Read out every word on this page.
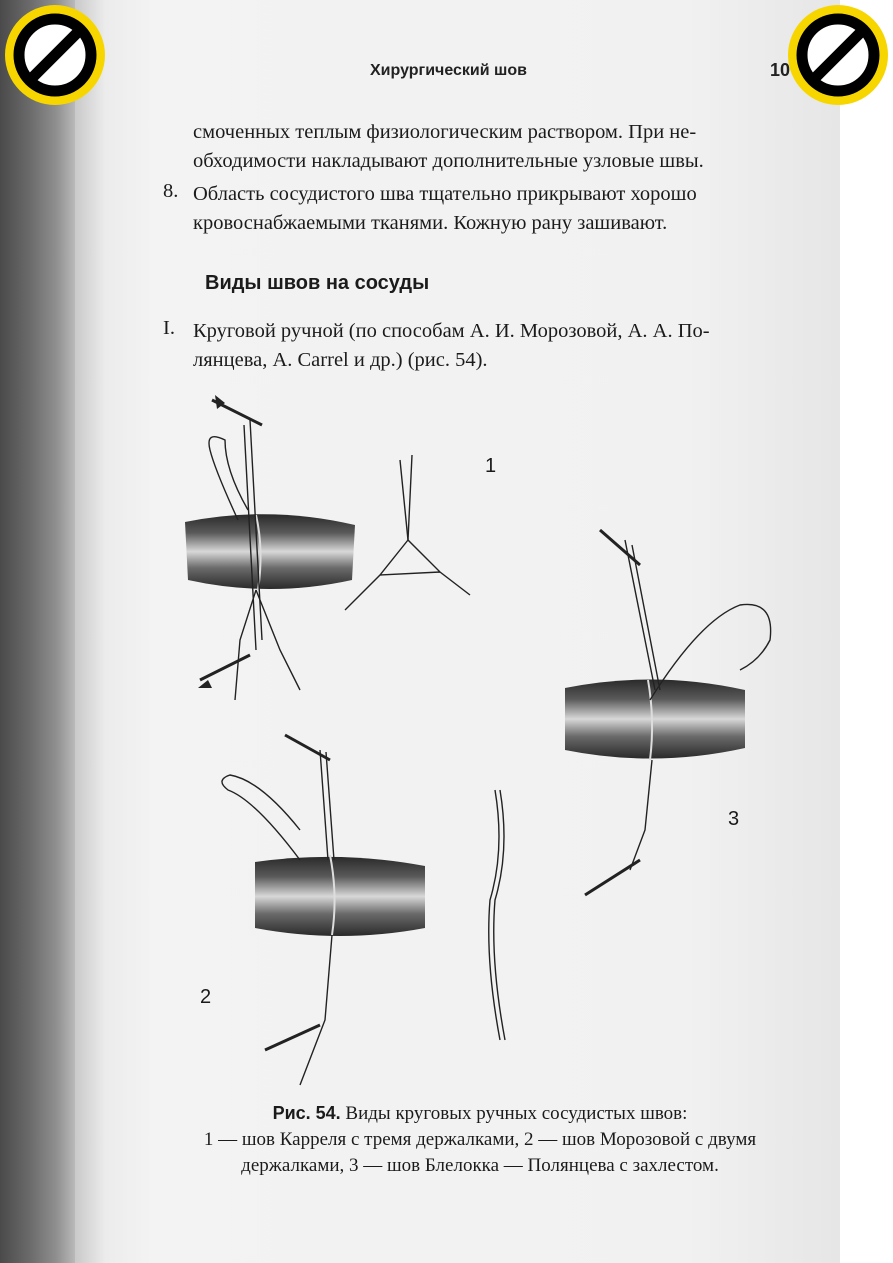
Хирургический шов	10

смоченных теплым физиологическим раствором. При не-

обходимости накладывают дополнительные узловые швы.

8. Область сосудистого шва тщательно прикрывают хорошо

кровоснабжаемыми тканями. Кожную рану зашивают.

Виды швов на сосуды
I. Круговой ручной (по способам А. И. Морозовой, А. А. По-

лянцева, А. Carrel и др.) (рис. 54).

1
2
3
Рис. 54. Виды круговых ручных сосудистых швов:
1 — шов Карреля с тремя держалками, 2 — шов Морозовой с двумя
держалками, 3 — шов Блелокка — Полянцева с захлестом.
